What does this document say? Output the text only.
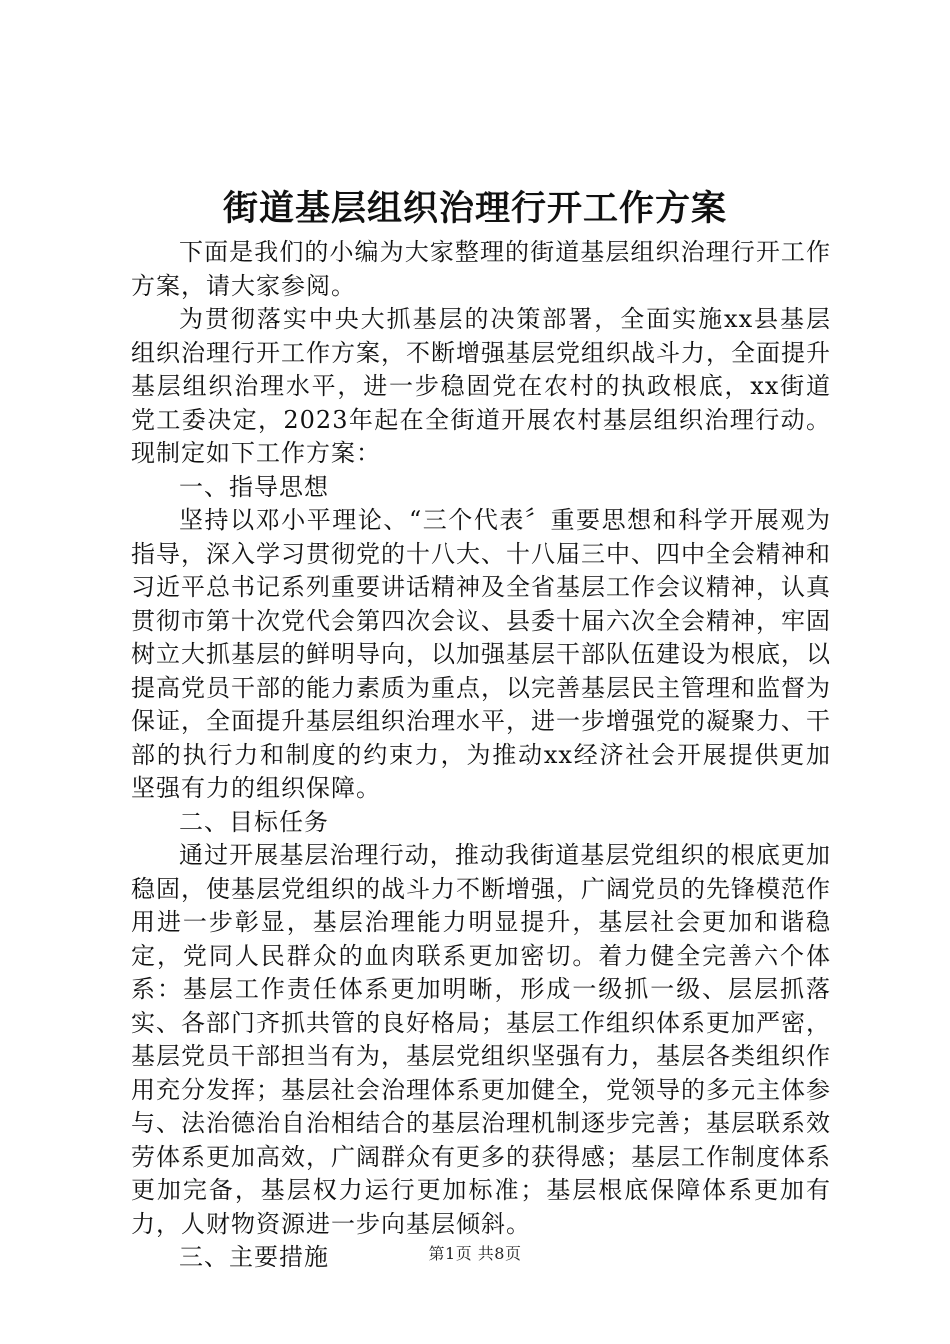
街道基层组织治理行开工作方案

下面是我们的小编为大家整理的街道基层组织治理行开工作方案，请大家参阅。

为贯彻落实中央大抓基层的决策部署，全面实施xx县基层组织治理行开工作方案，不断增强基层党组织战斗力，全面提升基层组织治理水平，进一步稳固党在农村的执政根底，xx街道党工委决定，2023年起在全街道开展农村基层组织治理行动。现制定如下工作方案：

一、指导思想

坚持以邓小平理论、“三个代表〞重要思想和科学开展观为指导，深入学习贯彻党的十八大、十八届三中、四中全会精神和习近平总书记系列重要讲话精神及全省基层工作会议精神，认真贯彻市第十次党代会第四次会议、县委十届六次全会精神，牢固树立大抓基层的鲜明导向，以加强基层干部队伍建设为根底，以提高党员干部的能力素质为重点，以完善基层民主管理和监督为保证，全面提升基层组织治理水平，进一步增强党的凝聚力、干部的执行力和制度的约束力，为推动xx经济社会开展提供更加坚强有力的组织保障。

二、目标任务

通过开展基层治理行动，推动我街道基层党组织的根底更加稳固，使基层党组织的战斗力不断增强，广阔党员的先锋模范作用进一步彰显，基层治理能力明显提升，基层社会更加和谐稳定，党同人民群众的血肉联系更加密切。着力健全完善六个体系：基层工作责任体系更加明晰，形成一级抓一级、层层抓落实、各部门齐抓共管的良好格局；基层工作组织体系更加严密，基层党员干部担当有为，基层党组织坚强有力，基层各类组织作用充分发挥；基层社会治理体系更加健全，党领导的多元主体参与、法治德治自治相结合的基层治理机制逐步完善；基层联系效劳体系更加高效，广阔群众有更多的获得感；基层工作制度体系更加完备，基层权力运行更加标准；基层根底保障体系更加有力，人财物资源进一步向基层倾斜。

三、主要措施	第1页 共8页
